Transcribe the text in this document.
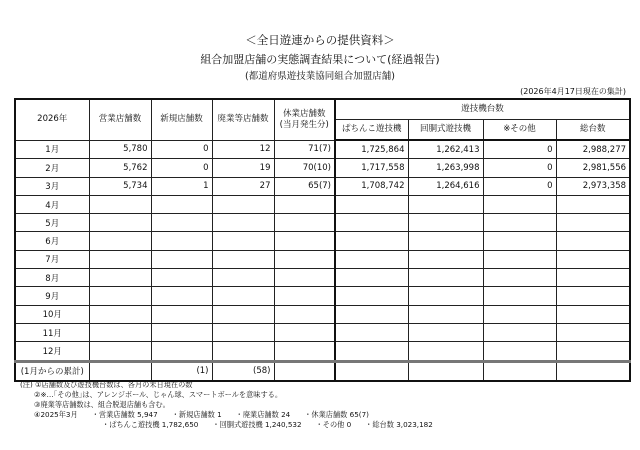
＜全日遊連からの提供資料＞
組合加盟店舗の実態調査結果について(経過報告)
(都道府県遊技業協同組合加盟店舗)
(2026年4月17日現在の集計)
2026年	営業店舗数	新規店舗数	廃業等店舗数	休業店舗数
(当月発生分)	遊技機台数			
					ぱちんこ遊技機	回胴式遊技機	※その他	総台数
1月	5,780	0	12	71(7)	1,725,864	1,262,413	0	2,988,277
2月	5,762	0	19	70(10)	1,717,558	1,263,998	0	2,981,556
3月	5,734	1	27	65(7)	1,708,742	1,264,616	0	2,973,358
4月								
5月								
6月								
7月								
8月								
9月								
10月								
11月								
12月								
(1月からの累計)		(1)	(58)					
(注) ①店舗数及び遊技機台数は、各月の末日現在の数
②※…｢その他｣は、アレンジボール、じゃん球、スマートボールを意味する。
③廃業等店舗数は、組合脱退店舗も含む。
④2025年3月 ・営業店舗数 5,947 ・新規店舗数 1 ・廃業店舗数 24 ・休業店舗数 65(7)
・ぱちんこ遊技機 1,782,650 ・回胴式遊技機 1,240,532 ・その他 0 ・総台数 3,023,182
